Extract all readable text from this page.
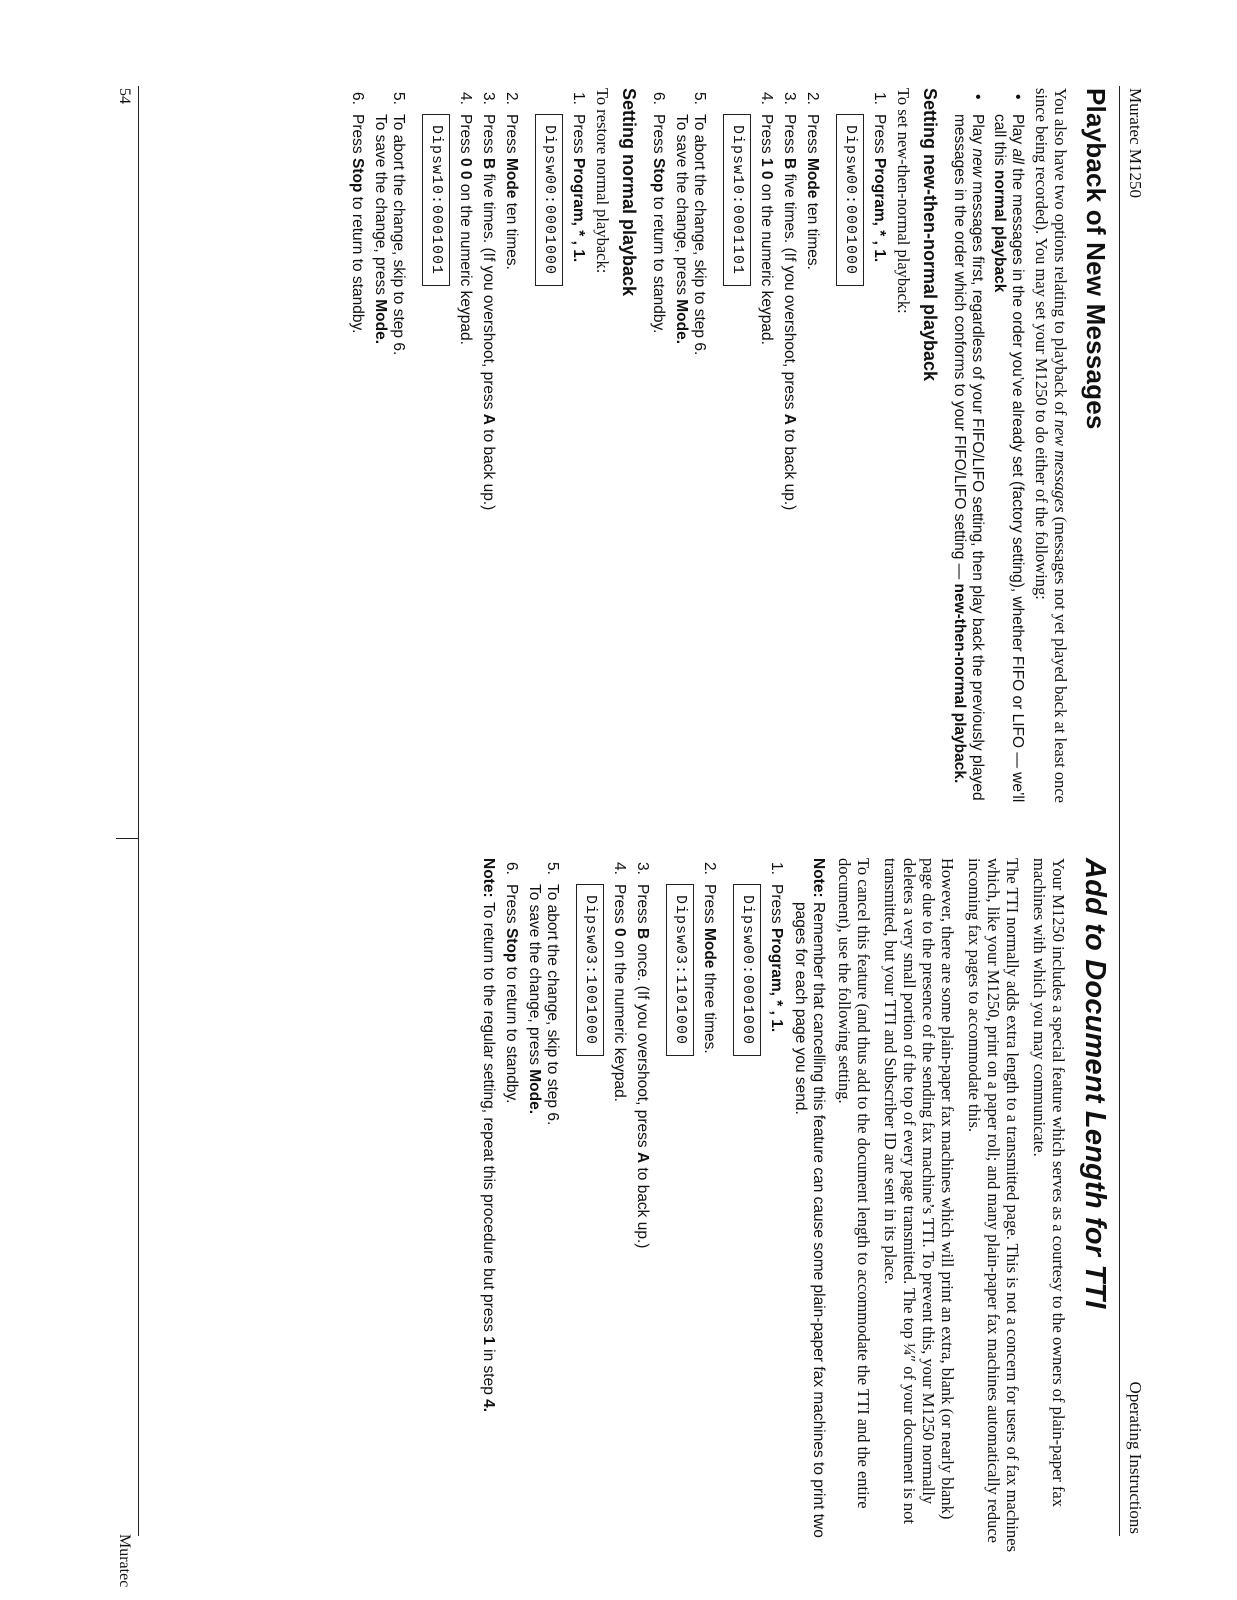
Muratec M1250
Operating Instructions
Playback of New Messages

You also have two options relating to playback of new messages (messages not yet played back at least once since being recorded). You may set your M1250 to do either of the following:

•
Play all the messages in the order you’ve already set (factory setting), whether FIFO or LIFO — we’ll call this normal playback
•
Play new messages first, regardless of your FIFO/LIFO setting, then play back the previously played messages in the order which conforms to your FIFO/LIFO setting — new-then-normal playback.
Setting new-then-normal playback

To set new-then-normal playback:

1.
Press Program, * , 1.
Dipsw00:0001000
2.
Press Mode ten times.
3.
Press B five times. (If you overshoot, press A to back up.)
4.
Press 1 0 on the numeric keypad.
Dipsw10:0001101
5.
To abort the change, skip to step 6.
To save the change, press Mode.
6.
Press Stop to return to standby.
Setting normal playback

To restore normal playback:

1.
Press Program, * , 1.
Dipsw00:0001000
2.
Press Mode ten times.
3.
Press B five times. (If you overshoot, press A to back up.)
4.
Press 0 0 on the numeric keypad.
Dipsw10:0001001
5.
To abort the change, skip to step 6.
To save the change, press Mode.
6.
Press Stop to return to standby.
Add to Document Length for TTI

Your M1250 includes a special feature which serves as a courtesy to the owners of plain-paper fax machines with which you may communicate.

The TTI normally adds extra length to a transmitted page. This is not a concern for users of fax machines which, like your M1250, print on a paper roll; and many plain-paper fax machines automatically reduce incoming fax pages to accommodate this.

However, there are some plain-paper fax machines which will print an extra, blank (or nearly blank) page due to the presence of the sending fax machine’s TTI. To prevent this, your M1250 normally deletes a very small portion of the top of every page transmitted. The top ¼″ of your document is not transmitted, but your TTI and Subscriber ID are sent in its place.

To cancel this feature (and thus add to the document length to accommodate the TTI and the entire document), use the following setting.

Note:
Remember that cancelling this feature can cause some plain-paper fax machines to print two pages for each page you send.
1.
Press Program, * , 1.
Dipsw00:0001000
2.
Press Mode three times.
Dipsw03:1101000
3.
Press B once. (If you overshoot, press A to back up.)
4.
Press 0 on the numeric keypad.
Dipsw03:1001000
5.
To abort the change, skip to step 6.
To save the change, press Mode.
6.
Press Stop to return to standby.
Note:
To return to the regular setting, repeat this procedure but press 1 in step 4.
54
Muratec
